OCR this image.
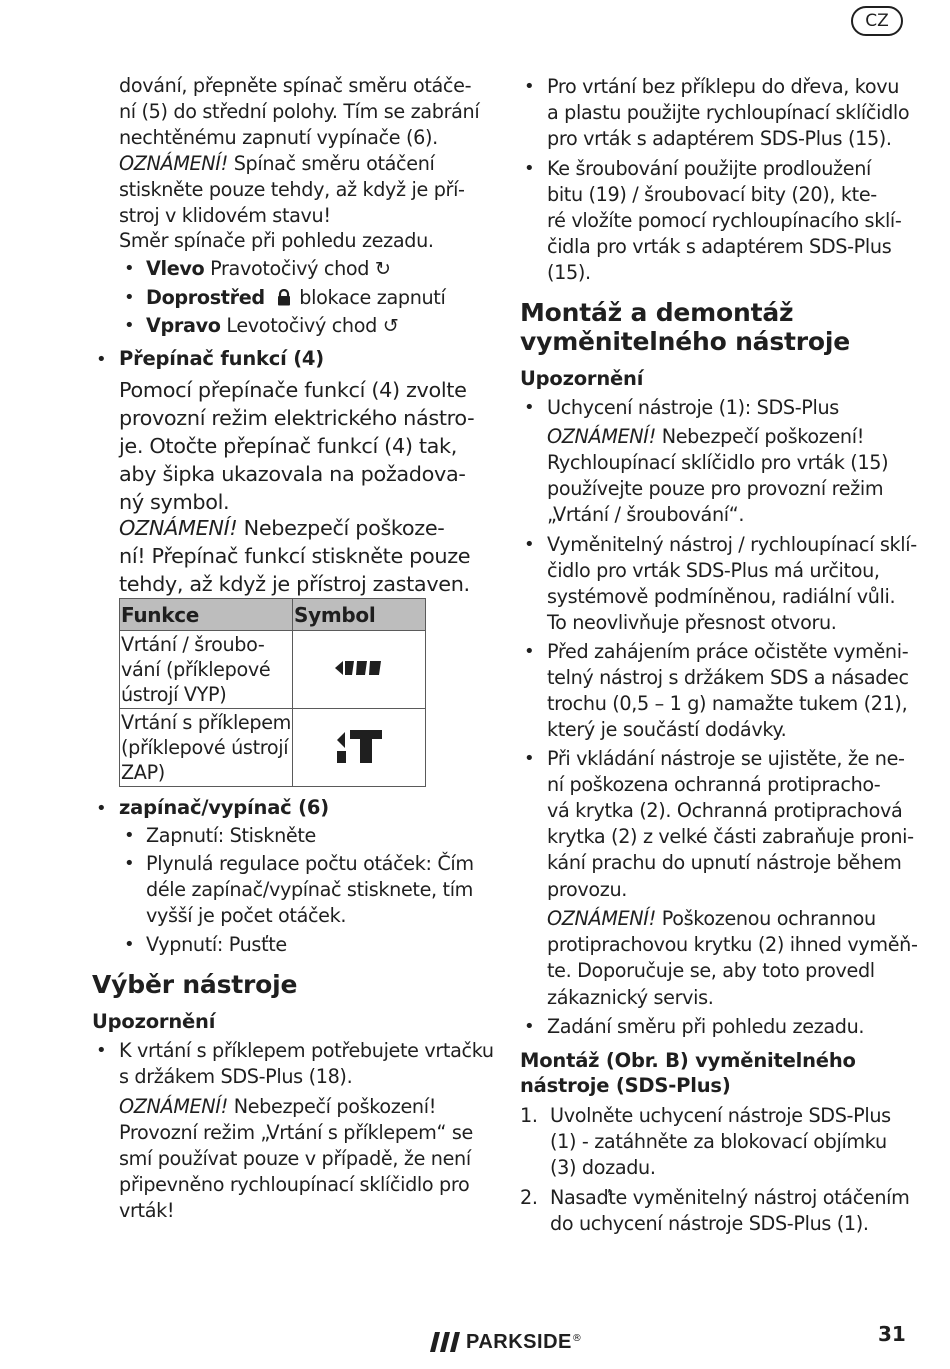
CZ
dování, přepněte spínač směru otáče-
ní (5) do střední polohy. Tím se zabrání
nechtěnému zapnutí vypínače (6).
OZNÁMENÍ! Spínač směru otáčení
stiskněte pouze tehdy, až když je pří-
stroj v klidovém stavu!
Směr spínače při pohledu zezadu.
• Vlevo Pravotočivý chod ↻
• Doprostřed  blokace zapnutí
• Vpravo Levotočivý chod ↺
• Přepínač funkcí (4)
Pomocí přepínače funkcí (4) zvolte
provozní režim elektrického nástro-
je. Otočte přepínač funkcí (4) tak,
aby šipka ukazovala na požadova-
ný symbol.
OZNÁMENÍ! Nebezpečí poškoze-
ní! Přepínač funkcí stiskněte pouze
tehdy, až když je přístroj zastaven.
Funkce	Symbol

Vrtání / šroubo-
vání (příklepové
ústrojí VYP)

Vrtání s příklepem
(příklepové ústrojí
ZAP)

• zapínač/vypínač (6)
• Zapnutí: Stiskněte
• Plynulá regulace počtu otáček: Čím
déle zapínač/vypínač stisknete, tím
vyšší je počet otáček.
• Vypnutí: Pusťte
Výběr nástroje
Upozornění
• K vrtání s příklepem potřebujete vrtačku
s držákem SDS-Plus (18).
OZNÁMENÍ! Nebezpečí poškození!
Provozní režim „Vrtání s příklepem“ se
smí používat pouze v případě, že není
připevněno rychloupínací sklíčidlo pro
vrták!
• Pro vrtání bez příklepu do dřeva, kovu
a plastu použijte rychloupínací sklíčidlo
pro vrták s adaptérem SDS-Plus (15).
• Ke šroubování použijte prodloužení
bitu (19) / šroubovací bity (20), kte-
ré vložíte pomocí rychloupínacího sklí-
čidla pro vrták s adaptérem SDS-Plus
(15).
Montáž a demontáž
vyměnitelného nástroje
Upozornění
• Uchycení nástroje (1): SDS-Plus
OZNÁMENÍ! Nebezpečí poškození!
Rychloupínací sklíčidlo pro vrták (15)
používejte pouze pro provozní režim
„Vrtání / šroubování“.
• Vyměnitelný nástroj / rychloupínací sklí-
čidlo pro vrták SDS-Plus má určitou,
systémově podmíněnou, radiální vůli.
To neovlivňuje přesnost otvoru.
• Před zahájením práce očistěte vyměni-
telný nástroj s držákem SDS a násadec
trochu (0,5 – 1 g) namažte tukem (21),
který je součástí dodávky.
• Při vkládání nástroje se ujistěte, že ne-
ní poškozena ochranná protiprachо-
vá krytka (2). Ochranná protiprachová
krytka (2) z velké části zabraňuje proni-
kání prachu do upnutí nástroje během
provozu.
OZNÁMENÍ! Poškozenou ochrannou
protiprachovou krytku (2) ihned vyměň-
te. Doporučuje se, aby toto provedl
zákaznický servis.
• Zadání směru při pohledu zezadu.
Montáž (Obr. B) vyměnitelného
nástroje (SDS-Plus)
1. Uvolněte uchycení nástroje SDS-Plus
(1) - zatáhněte za blokovací objímku
(3) dozadu.
2. Nasaďte vyměnitelný nástroj otáčením
do uchycení nástroje SDS-Plus (1).
PARKSIDE ®	31
